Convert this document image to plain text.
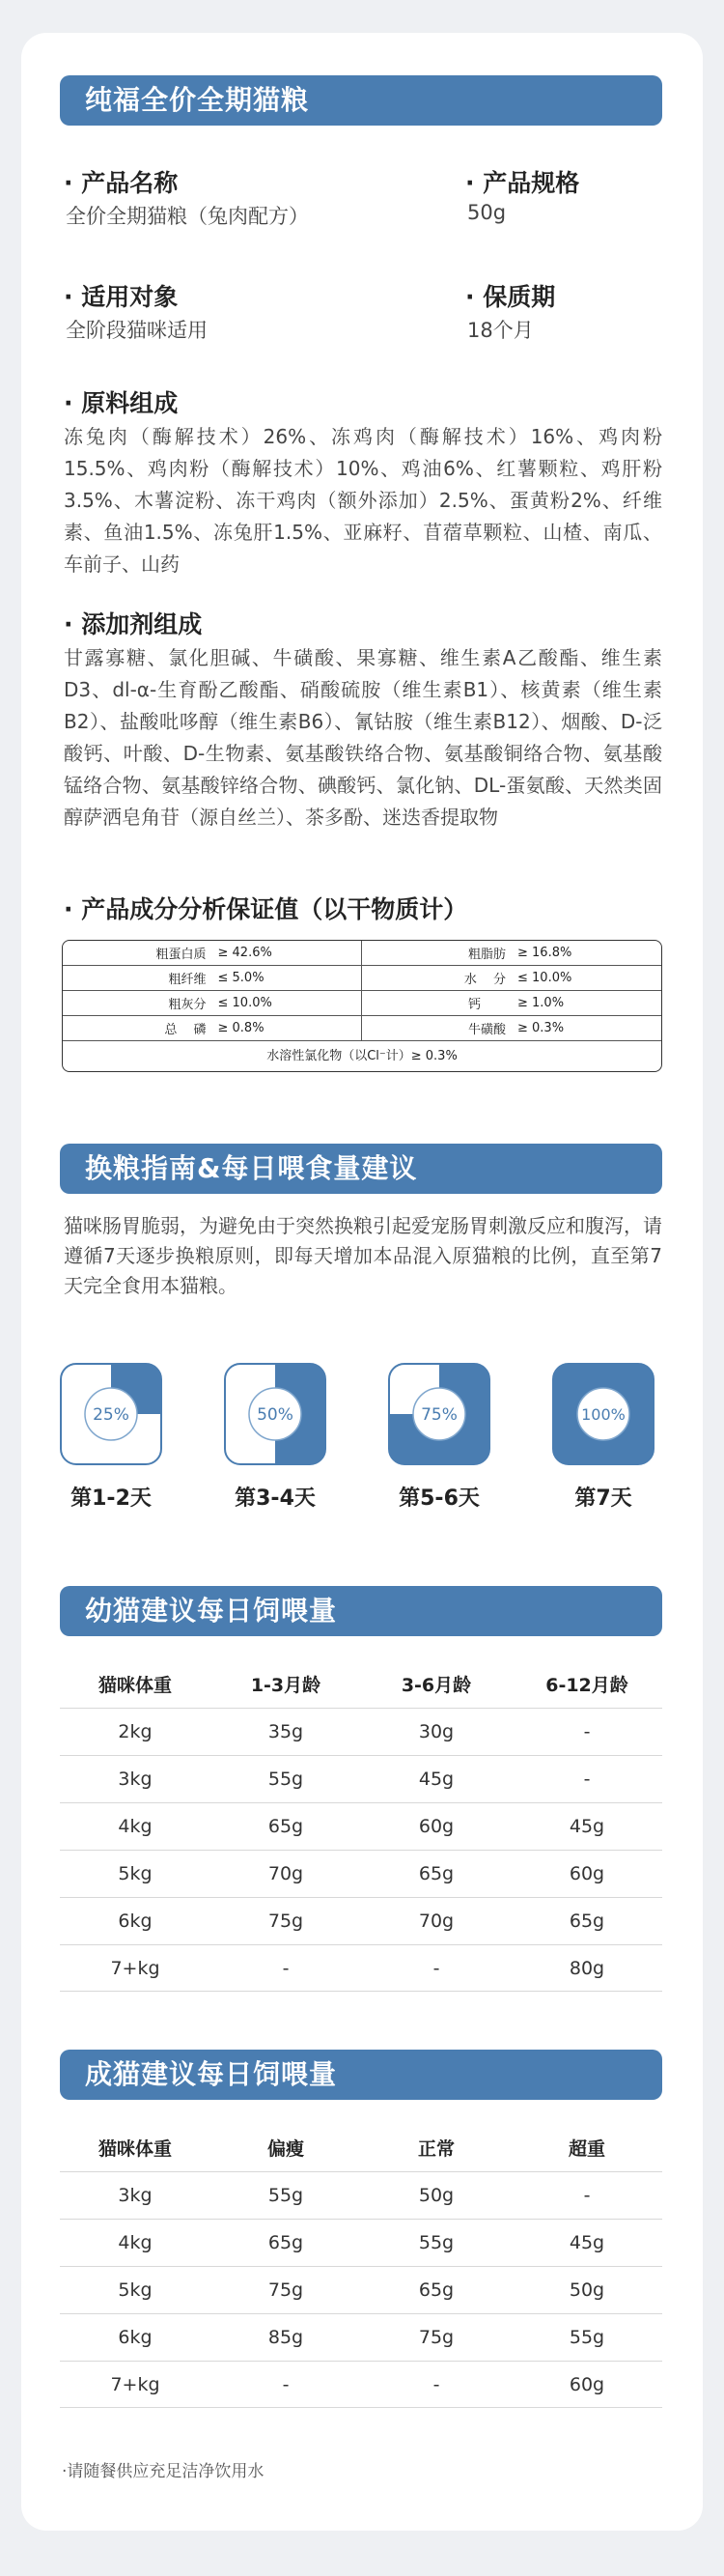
纯福全价全期猫粮
· 产品名称
全价全期猫粮（兔肉配方）
· 产品规格
50g
· 适用对象
全阶段猫咪适用
· 保质期
18个月
· 原料组成
冻兔肉（酶解技术）26%、冻鸡肉（酶解技术）16%、鸡肉粉15.5%、鸡肉粉（酶解技术）10%、鸡油6%、红薯颗粒、鸡肝粉3.5%、木薯淀粉、冻干鸡肉（额外添加）2.5%、蛋黄粉2%、纤维素、鱼油1.5%、冻兔肝1.5%、亚麻籽、苜蓿草颗粒、山楂、南瓜、车前子、山药
· 添加剂组成
甘露寡糖、氯化胆碱、牛磺酸、果寡糖、维生素A乙酸酯、维生素D3、dl-α-生育酚乙酸酯、硝酸硫胺（维生素B1）、核黄素（维生素B2）、盐酸吡哆醇（维生素B6）、氰钴胺（维生素B12）、烟酸、D-泛酸钙、叶酸、D-生物素、氨基酸铁络合物、氨基酸铜络合物、氨基酸锰络合物、氨基酸锌络合物、碘酸钙、氯化钠、DL-蛋氨酸、天然类固醇萨洒皂角苷（源自丝兰）、茶多酚、迷迭香提取物
· 产品成分分析保证值（以干物质计）
粗蛋白质 ≥ 42.6%	粗脂肪 ≥ 16.8%
粗纤维 ≤ 5.0%	水　 分 ≤ 10.0%
粗灰分 ≤ 10.0%	钙　　 ≥ 1.0%
总　 磷 ≥ 0.8%	牛磺酸 ≥ 0.3%
水溶性氯化物（以Cl⁻计）≥ 0.3%
换粮指南&每日喂食量建议
猫咪肠胃脆弱，为避免由于突然换粮引起爱宠肠胃刺激反应和腹泻，请遵循7天逐步换粮原则，即每天增加本品混入原猫粮的比例，直至第7天完全食用本猫粮。
25%	50%	75%	100%
第1-2天	第3-4天	第5-6天	第7天
幼猫建议每日饲喂量
猫咪体重	1-3月龄	3-6月龄	6-12月龄
2kg	35g	30g	-
3kg	55g	45g	-
4kg	65g	60g	45g
5kg	70g	65g	60g
6kg	75g	70g	65g
7+kg	-	-	80g
成猫建议每日饲喂量
猫咪体重	偏瘦	正常	超重
3kg	55g	50g	-
4kg	65g	55g	45g
5kg	75g	65g	50g
6kg	85g	75g	55g
7+kg	-	-	60g
·请随餐供应充足洁净饮用水
